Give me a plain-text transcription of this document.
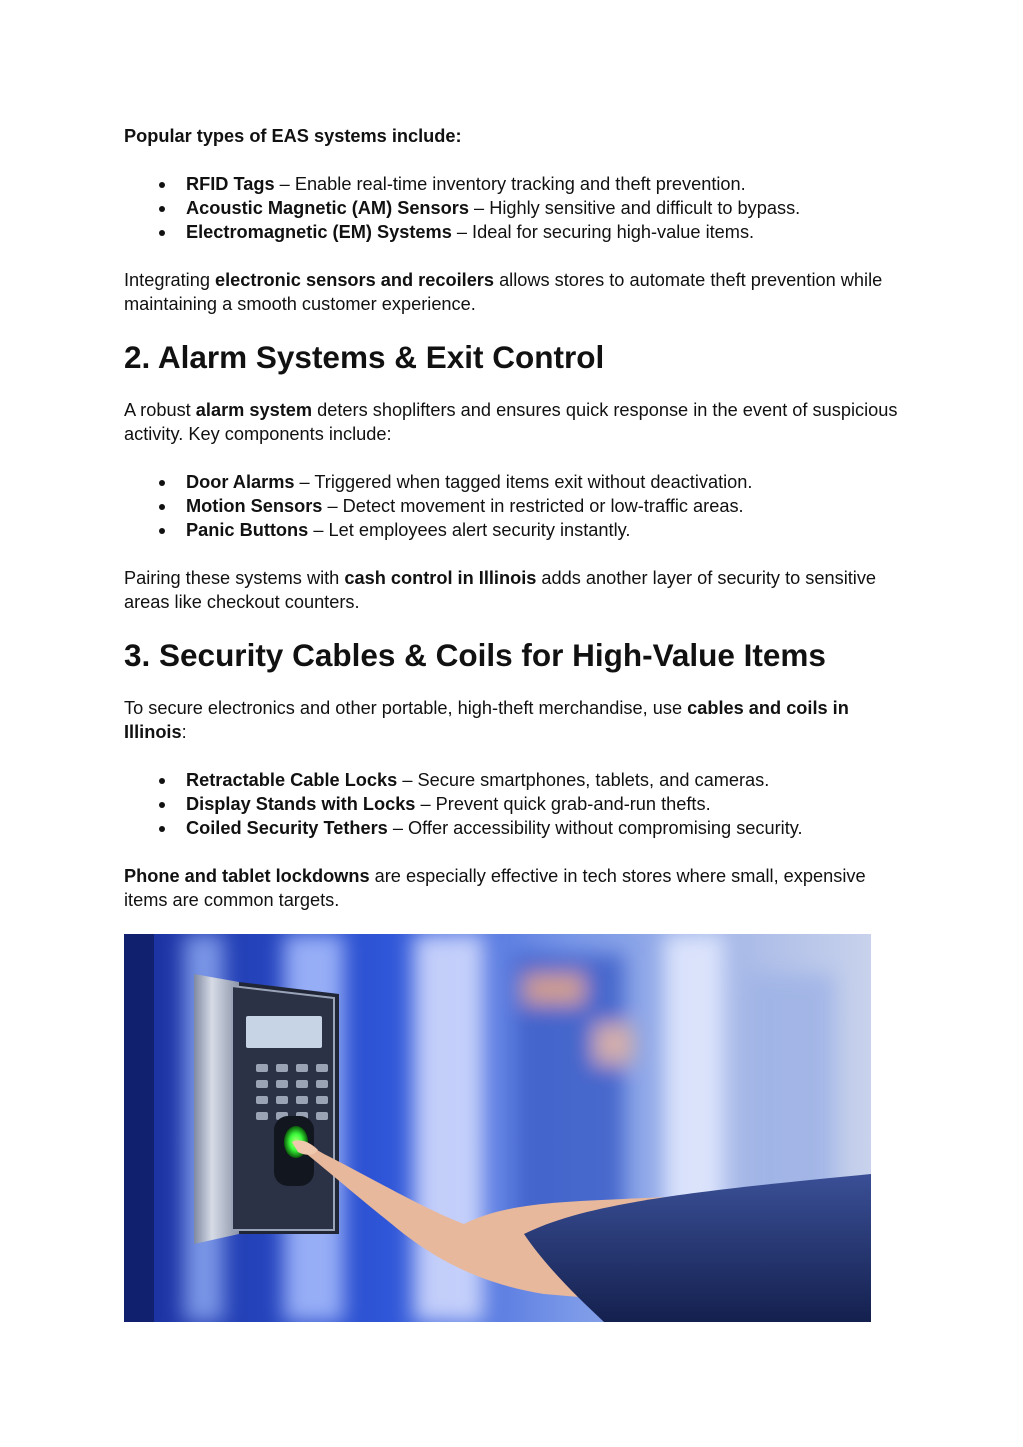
Popular types of EAS systems include:

RFID Tags – Enable real-time inventory tracking and theft prevention.
Acoustic Magnetic (AM) Sensors – Highly sensitive and difficult to bypass.
Electromagnetic (EM) Systems – Ideal for securing high-value items.

Integrating electronic sensors and recoilers allows stores to automate theft prevention while maintaining a smooth customer experience.

2. Alarm Systems & Exit Control

A robust alarm system deters shoplifters and ensures quick response in the event of suspicious activity. Key components include:

Door Alarms – Triggered when tagged items exit without deactivation.
Motion Sensors – Detect movement in restricted or low-traffic areas.
Panic Buttons – Let employees alert security instantly.

Pairing these systems with cash control in Illinois adds another layer of security to sensitive areas like checkout counters.

3. Security Cables & Coils for High-Value Items

To secure electronics and other portable, high-theft merchandise, use cables and coils in Illinois:

Retractable Cable Locks – Secure smartphones, tablets, and cameras.
Display Stands with Locks – Prevent quick grab-and-run thefts.
Coiled Security Tethers – Offer accessibility without compromising security.

Phone and tablet lockdowns are especially effective in tech stores where small, expensive items are common targets.
